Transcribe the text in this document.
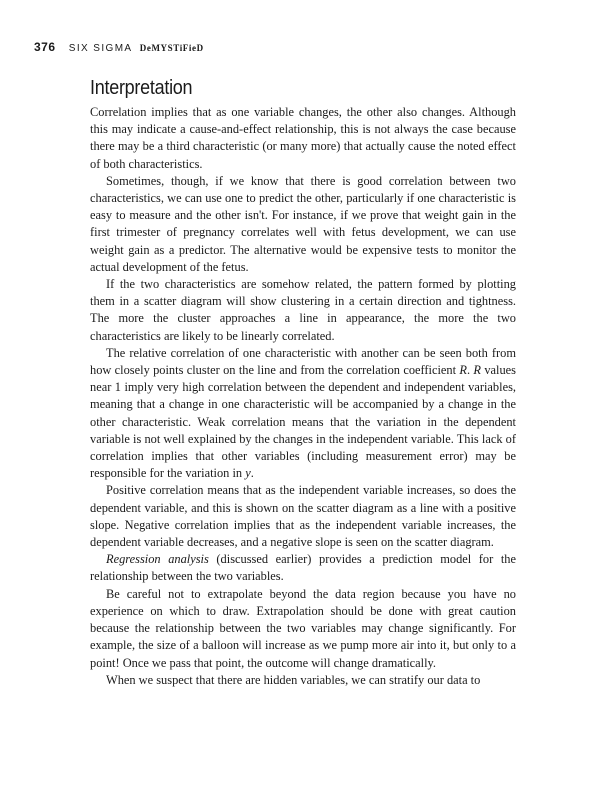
376 SIX SIGMA DeMYSTiFieD
Interpretation

Correlation implies that as one variable changes, the other also changes. Although this may indicate a cause-and-effect relationship, this is not always the case because there may be a third characteristic (or many more) that actually cause the noted effect of both characteristics.

Sometimes, though, if we know that there is good correlation between two characteristics, we can use one to predict the other, particularly if one characteristic is easy to measure and the other isn't. For instance, if we prove that weight gain in the first trimester of pregnancy correlates well with fetus development, we can use weight gain as a predictor. The alternative would be expensive tests to monitor the actual development of the fetus.

If the two characteristics are somehow related, the pattern formed by plotting them in a scatter diagram will show clustering in a certain direction and tightness. The more the cluster approaches a line in appearance, the more the two characteristics are likely to be linearly correlated.

The relative correlation of one characteristic with another can be seen both from how closely points cluster on the line and from the correlation coefficient R. R values near 1 imply very high correlation between the dependent and independent variables, meaning that a change in one characteristic will be accompanied by a change in the other characteristic. Weak correlation means that the variation in the dependent variable is not well explained by the changes in the independent variable. This lack of correlation implies that other variables (including measurement error) may be responsible for the variation in y.

Positive correlation means that as the independent variable increases, so does the dependent variable, and this is shown on the scatter diagram as a line with a positive slope. Negative correlation implies that as the independent variable increases, the dependent variable decreases, and a negative slope is seen on the scatter diagram.

Regression analysis (discussed earlier) provides a prediction model for the relationship between the two variables.

Be careful not to extrapolate beyond the data region because you have no experience on which to draw. Extrapolation should be done with great caution because the relationship between the two variables may change significantly. For example, the size of a balloon will increase as we pump more air into it, but only to a point! Once we pass that point, the outcome will change dramatically.

When we suspect that there are hidden variables, we can stratify our data to
